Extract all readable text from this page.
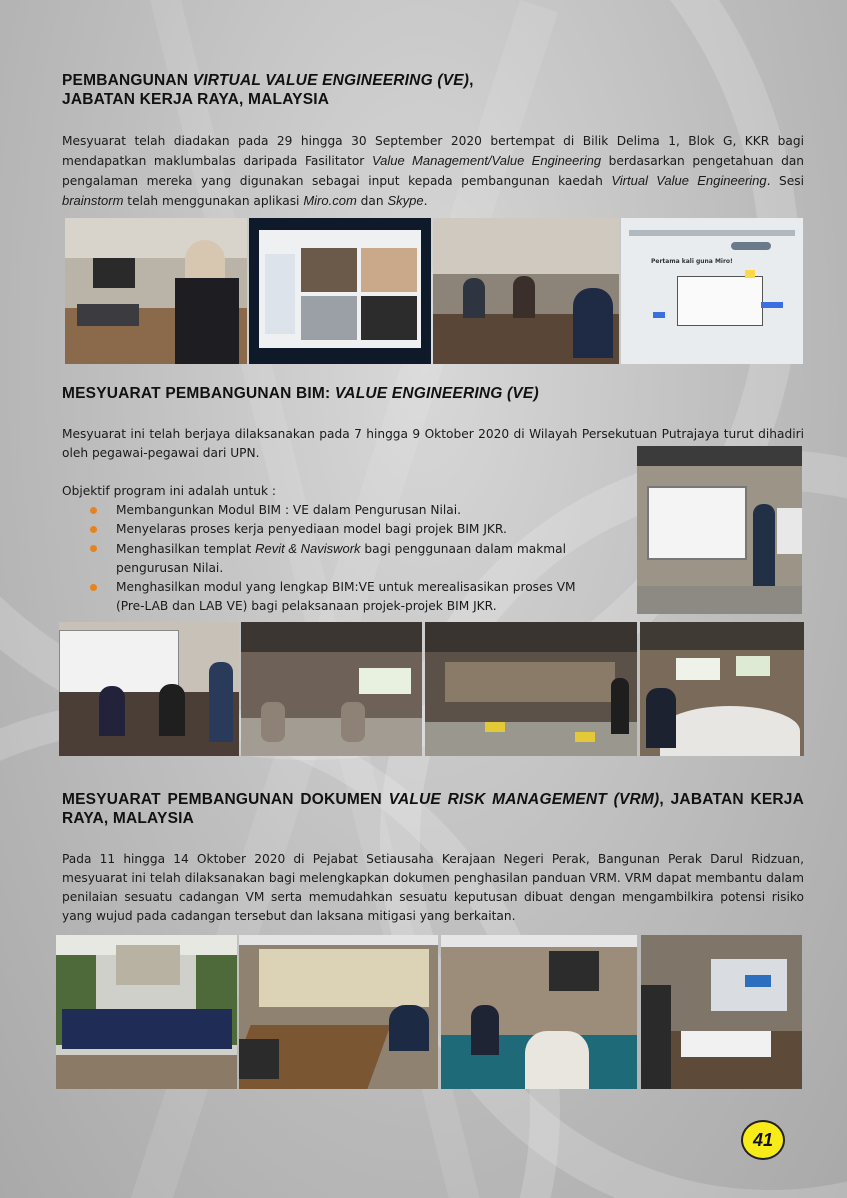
PEMBANGUNAN VIRTUAL VALUE ENGINEERING (VE),
JABATAN KERJA RAYA, MALAYSIA
Mesyuarat telah diadakan pada 29 hingga 30 September 2020 bertempat di Bilik Delima 1, Blok G, KKR bagi mendapatkan maklumbalas daripada Fasilitator Value Management/Value Engineering berdasarkan pengetahuan dan pengalaman mereka yang digunakan sebagai input kepada pembangunan kaedah Virtual Value Engineering. Sesi brainstorm telah menggunakan aplikasi Miro.com dan Skype.
Pertama kali guna Miro!
MESYUARAT PEMBANGUNAN BIM: VALUE ENGINEERING (VE)
Mesyuarat ini telah berjaya dilaksanakan pada 7 hingga 9 Oktober 2020 di Wilayah Persekutuan Putrajaya turut dihadiri oleh pegawai-pegawai dari UPN.
Objektif program ini adalah untuk :
Membangunkan Modul BIM : VE dalam Pengurusan Nilai.
Menyelaras proses kerja penyediaan model bagi projek BIM JKR.
Menghasilkan templat Revit & Naviswork bagi penggunaan dalam makmal pengurusan Nilai.
Menghasilkan modul yang lengkap BIM:VE untuk merealisasikan proses VM (Pre-LAB dan LAB VE) bagi pelaksanaan projek-projek BIM JKR.
MESYUARAT PEMBANGUNAN DOKUMEN VALUE RISK MANAGEMENT (VRM), JABATAN KERJA RAYA, MALAYSIA
Pada 11 hingga 14 Oktober 2020 di Pejabat Setiausaha Kerajaan Negeri Perak, Bangunan Perak Darul Ridzuan, mesyuarat ini telah dilaksanakan bagi melengkapkan dokumen penghasilan panduan VRM. VRM dapat membantu dalam penilaian sesuatu cadangan VM serta memudahkan sesuatu keputusan dibuat dengan mengambilkira potensi risiko yang wujud pada cadangan tersebut dan laksana mitigasi yang berkaitan.
41
